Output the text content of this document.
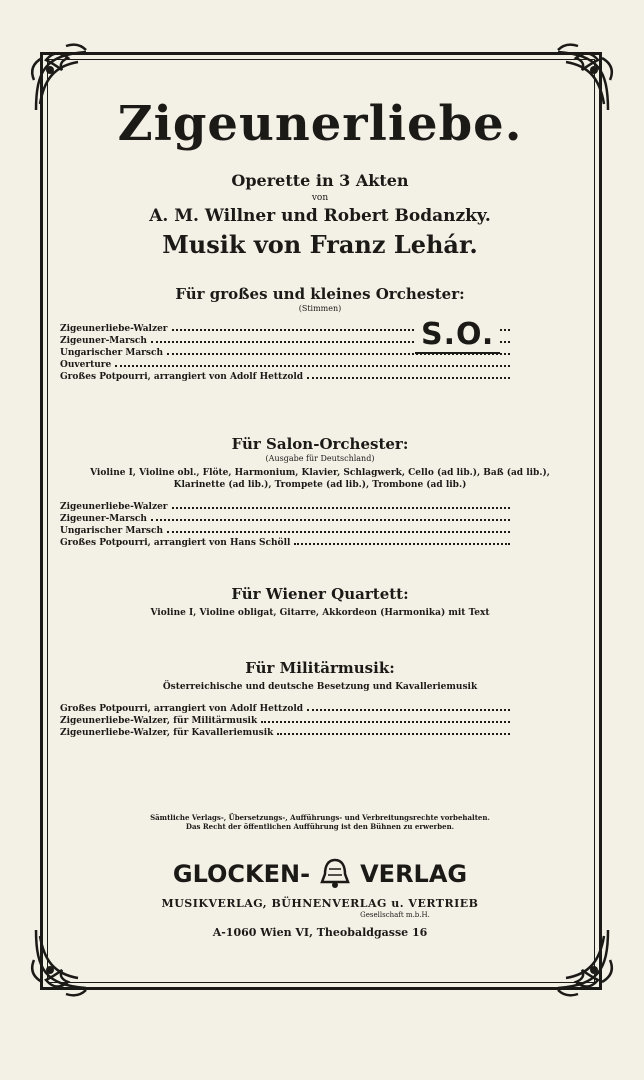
Zigeunerliebe.
Operette in 3 Akten
von
A. M. Willner und Robert Bodanzky.
Musik von Franz Lehár.
Für großes und kleines Orchester:
(Stimmen)
S.O.
Zigeunerliebe-Walzer
Zigeuner-Marsch
Ungarischer Marsch
Ouverture
Großes Potpourri, arrangiert von Adolf Hettzold
Für Salon-Orchester:
(Ausgabe für Deutschland)
Violine I, Violine obl., Flöte, Harmonium, Klavier, Schlagwerk, Cello (ad lib.), Baß (ad lib.), Klarinette (ad lib.), Trompete (ad lib.), Trombone (ad lib.)
Zigeunerliebe-Walzer
Zigeuner-Marsch
Ungarischer Marsch
Großes Potpourri, arrangiert von Hans Schöll
Für Wiener Quartett:
Violine I, Violine obligat, Gitarre, Akkordeon (Harmonika) mit Text
Für Militärmusik:
Österreichische und deutsche Besetzung und Kavalleriemusik
Großes Potpourri, arrangiert von Adolf Hettzold
Zigeunerliebe-Walzer, für Militärmusik
Zigeunerliebe-Walzer, für Kavalleriemusik
Sämtliche Verlags-, Übersetzungs-, Aufführungs- und Verbreitungsrechte vorbehalten.
Das Recht der öffentlichen Aufführung ist den Bühnen zu erwerben.
GLOCKEN- VERLAG
MUSIKVERLAG, BÜHNENVERLAG u. VERTRIEB
Gesellschaft m.b.H.
A-1060 Wien VI, Theobaldgasse 16
